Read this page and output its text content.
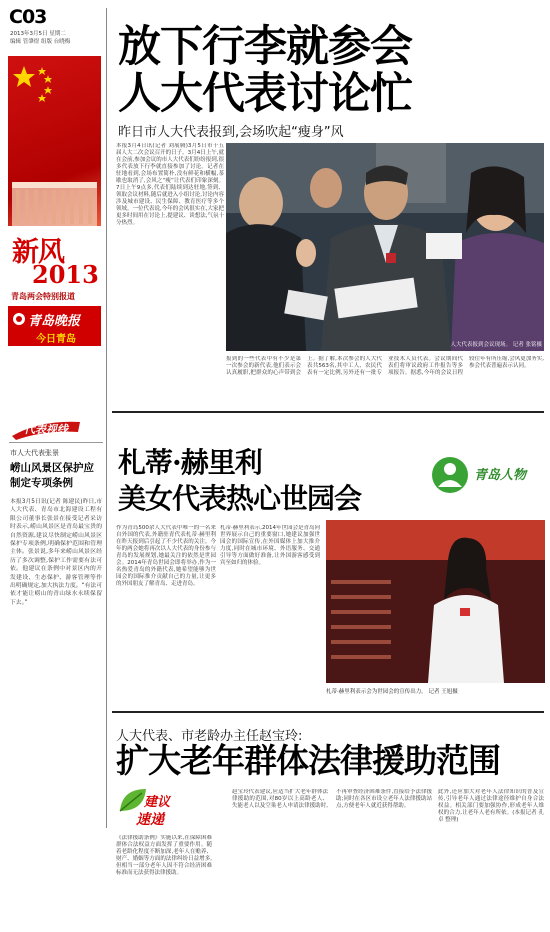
C03
2013年3月5日 星期二
编辑 管肇煜 组版 台晓梅
新风
2013
青岛两会特别报道
青岛晚报
今日青岛
代表视线
市人大代表张景
崂山风景区保护应制定专项条例
本报3月5日讯(记者 陈建民)昨日,市人大代表、青岛市北海建设工程有限公司董事长张景在接受记者采访时表示,崂山风景区是青岛最宝贵的自然资源,建议尽快制定崂山风景区保护专项条例,明确保护范围和管理主体。张景说,多年来崂山风景区经历了多次调整,保护工作需要有法可依。他建议在条例中对景区内的开发建设、生态保护、游客管理等作出明确规定,加大执法力度。“有法可依才能让崂山的青山绿水永续保留下去。”
放下行李就参会
人大代表讨论忙
昨日市人大代表报到,会场吹起“瘦身”风
本报3月4日讯(记者 刘展腾)3月5日市十五届人大二次会议召开的日子。3月4日上午,就在会前,参加会议的市人大代表们纷纷报到,很多代表放下行李就直接参加了讨论。记者在驻地看到,会场布置简朴,没有鲜花和横幅,茶歇也取消了,会风之“瘦”让代表们印象深刻。7日上午9点多,代表们陆续到达驻地,签到、领取会议材料,随后就进入小组讨论,讨论内容涉及城市建设、民生保障、教育医疗等多个领域。一位代表说,今年的会风很实在,大家把更多时间用在讨论上,提建议、谈想法,气氛十分热烈。
人大代表报到会议现场。 记者 张铭摄
报到的一些代表中有不少是第一次参会的新代表,他们表示会认真履职,把群众的心声带到会上。据了解,本次参会的人大代表共563名,其中工人、农民代表有一定比例,另外还有一批专业技术人员代表。会议期间代表们将审议政府工作报告等多项报告。据悉,今年的会议日程较往年有所压缩,会风更加务实,参会代表普遍表示认同。
札蒂·赫里利
美女代表热心世园会
青岛人物
作为青岛500余人大代表中唯一的一名来自外国的代表,外籍驻青代表札蒂·赫里利在昨天报到后引起了不少代表的关注。今年的两会她将再次以人大代表的身份参与青岛的发展规划,她最关注的依然是世园会。2014年青岛世园会即将举办,作为一名热爱青岛的外籍代表,她希望能够为世园会的国际推介贡献自己的力量,让更多的外国朋友了解青岛、走进青岛。
札蒂·赫里利表示,2014年世园会是青岛向世界展示自己的重要窗口,她建议加强世园会的国际宣传,在外国媒体上加大推介力度,同时在城市环境、外语服务、交通引导等方面做好准备,让外国游客感受到宾至如归的体验。
札蒂·赫里利表示会为世园会的宣传出力。 记者 王旭摄
人大代表、市老龄办主任赵宝玲:
扩大老年群体法律援助范围
建议
速递
《法律援助条例》实施以来,在保障困难群体合法权益方面发挥了重要作用。随着老龄化程度不断加深,老年人在赡养、财产、婚姻等方面的法律纠纷日益增多,但相当一部分老年人因不符合经济困难标准而无法获得法律援助。
赵宝玲代表建议,应适当扩大老年群体法律援助的范围,对80岁以上高龄老人、失能老人以及空巢老人申请法律援助时,不再审查经济困难条件,直接给予法律援助;同时在各区市设立老年人法律援助站点,方便老年人就近获得帮助。
此外,还应加大对老年人法律知识的普及宣传,引导老年人通过法律途径维护自身合法权益。相关部门要加强协作,形成老年人维权的合力,让老年人老有所依。(本报记者 孔卓 整理)
